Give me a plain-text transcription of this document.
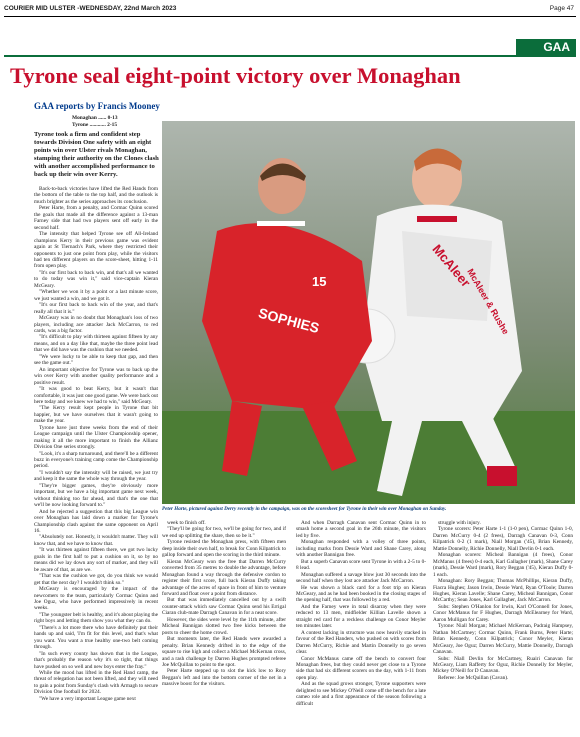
COURIER MID ULSTER -WEDNESDAY, 22nd March 2023	Page 47
GAA
Tyrone seal eight-point victory over Monaghan
GAA reports by Francis Mooney
Monaghan ...... 0-13
Tyrone ............ 2-15
Tyrone took a firm and confident step towards Division One safety with an eight points win over Ulster rivals Monaghan, stamping their authority on the Clones clash with another accomplished performance to back up their win over Kerry.
McAleer
McAleer & Rushe
SOPHIES
15
Peter Harte, pictured against Derry recently in the campaign, was on the scoresheet for Tyrone in their win over Monaghan on Sunday.

Back-to-back victories have lifted the Red Hands from the bottom of the table to the top half, and the outlook is much brighter as the series approaches its conclusion.

Peter Harte, from a penalty, and Cormac Quinn scored the goals that made all the difference against a 13-man Farney side that had two players sent off early in the second half.

The intensity that helped Tyrone see off All-Ireland champions Kerry in their previous game was evident again at St Tiernach's Park, where they restricted their opponents to just one point from play, while the visitors had ten different players on the score-sheet, hitting 1-11 from open play.

"It's our first back to back win, and that's all we wanted to do today was win it," said vice-captain Kieran McGeary.

"Whether we won it by a point or a last minute score, we just wanted a win, and we got it.

"It's our first back to back win of the year, and that's really all that it is."

McGeary was in no doubt that Monaghan's loss of two players, including ace attacker Jack McCarron, to red cards, was a big factor.

"It's difficult to play with thirteen against fifteen by any means, and on a day like that, maybe the three point lead that we did have was the cushion that we needed.

"We were lucky to be able to keep that gap, and then see the game out."

An important objective for Tyrone was to back up the win over Kerry with another quality performance and a positive result.

"It was good to beat Kerry, but it wasn't that comfortable, it was just one good game. We were back out here today and we knew we had to win," said McGeary.

"The Kerry result kept people in Tyrone that bit happier, but we have ourselves that it wasn't going to make the year.

Tyrone have just three weeks from the end of their League campaign until the Ulster Championship opener, making it all the more important to finish the Allianz Division One series strongly.

"Look, it's a sharp turnaround, and there'll be a different buzz in everyone's training camp come the Championship period.

"I wouldn't say the intensity will be raised, we just try and keep it the same the whole way through the year.

"They're bigger games, they're obviously more important, but we have a big important game next week, without thinking too far ahead, and that's the one that we'll be now looking forward to."

And he rejected a suggestion that this big League win over Monaghan has laid down a marker for Tyrone's Championship clash against the same opponent on April 16.

"Absolutely not. Honestly, it wouldn't matter. They will know that, and we have to know that.

"It was thirteen against fifteen there, we got two lucky goals in the first half to put a cushion on it, so by no means did we lay down any sort of marker, and they will be aware of that, as are we.

"That was the cushion we got, do you think we would get that the next day? I wouldn't think so."

McGeary is encouraged by the impact of the newcomers to the team, particularly Cormac Quinn and Joe Oguz, who have performed impressively in recent weeks.

"The youngster belt is healthy, and it's about playing the right boys and letting them show you what they can do.

"There's a lot more there who have definitely put their hands up and said, 'I'm fit for this level, and that's what you want. You want a true healthy one-two belt coming through.

"In such every county has shown that in the League, that's probably the reason why it's so tight, that things have pushed on so well and new boys enter the fray."

While the mood has lifted in the Red Hand camp, the threat of relegation has not been lifted, and they will need to gain a point from Sunday's clash with Armagh to secure Division One football for 2024.

"We have a very important League game next

week to finish off.

"They'll be going for two, we'll be going for two, and if we end up splitting the share, then so be it."

Tyrone resisted the Monaghan press, with fifteen men deep inside their own half, to break for Conn Kilpatrick to gallop forward and open the scoring in the third minute.

Kieran McGeary won the free that Darren McCurry converted from 35 metres to double the advantage, before Monaghan found a way through the defensive cordon to register their first score, full back Kieran Duffy taking advantage of the acres of space in front of him to venture forward and float over a point from distance.

But that was immediately cancelled out by a swift counter-attack which saw Cormac Quinn send his Errigal Ciaran club-mate Darragh Canavan in for a neat score.

However, the sides were level by the 11th minute, after Micheal Bannigan slotted two free kicks between the posts to cheer the home crowd.

But moments later, the Red Hands were awarded a penalty. Brian Kennedy drifted in to the edge of the square to rise high and collect a Michael McKernan cross, and a rash challenge by Darren Hughes prompted referee Joe McQuillan to point to the spot.

Peter Harte stepped up to slot the kick low to Rory Beggan's left and into the bottom corner of the net in a massive boost for the visitors.

And when Darragh Canavan sent Cormac Quinn in to smash home a second goal in the 26th minute, the visitors led by five.

Monaghan responded with a volley of three points, including marks from Dessie Ward and Shane Carey, along with another Bannigan free.

But a superb Canavan score sent Tyrone in with a 2-5 to 0-8 lead.

Monaghan suffered a savage blow just 30 seconds into the second half when they lost ace attacker Jack McCarron.

He was shown a black card for a foot trip on Kieran McGeary, and as he had been booked in the closing stages of the opening half, that was followed by a red.

And the Farney were in total disarray when they were reduced to 13 men, midfielder Killian Lavelle shown a straight red card for a reckless challenge on Conor Meyler ten minutes later.

A contest lacking in structure was now heavily stacked in favour of the Red Handers, who pushed on with scores from Darren McCurry, Richie and Martin Donnelly to go seven clear.

Conor McManus came off the bench to convert four Monaghan frees, but they could never get close to a Tyrone side that had six different scorers on the day, with 1-11 from open play.

And as the squad grows stronger, Tyrone supporters were delighted to see Mickey O'Neill come off the bench for a late cameo role and a first appearance of the season following a difficult

struggle with injury.

Tyrone scorers: Peter Harte 1-1 (1-0 pen), Cormac Quinn 1-0, Darren McCurry 0-4 (2 frees), Darragh Canavan 0-3, Conn Kilpatrick 0-2 (1 mark), Niall Morgan ('45), Brian Kennedy, Mattie Donnelly, Richie Donnelly, Niall Devlin 0-1 each.

Monaghan scorers: Micheal Bannigan (4 frees), Conor McManus (4 frees) 0-4 each, Karl Gallagher (mark), Shane Carey (mark), Dessie Ward (mark), Rory Beggan ('45), Kieran Duffy 0-1 each.

Monaghan: Rory Beggan; Thomas McPhillips, Kieran Duffy, Fiacra Hughes; Jason Irwin, Dessie Ward, Ryan O'Toole; Darren Hughes, Kieran Lavelle; Shane Carey, Micheal Bannigan, Conor McCarthy; Sean Jones, Karl Gallagher, Jack McCarron.

Subs: Stephen O'Hanlon for Irwin, Karl O'Connell for Jones, Conor McManus for F Hughes, Darragh McElearney for Ward, Aaron Mulligan for Carey.

Tyrone: Niall Morgan; Michael McKernan, Padraig Hampsey, Nathan McCartney; Cormac Quinn, Frank Burns, Peter Harte; Brian Kennedy, Conn Kilpatrick; Conor Meyler, Kieran McGeary, Joe Oguz; Darren McCurry, Mattie Donnelly, Darragh Canavan.

Subs: Niall Devlin for McCartney, Ruairi Canavan for McGeary, Liam Rafferty for Oguz, Richie Donnelly for Meyler, Mickey O'Neill for D Canavan.

Referee: Joe McQuillan (Cavan).
